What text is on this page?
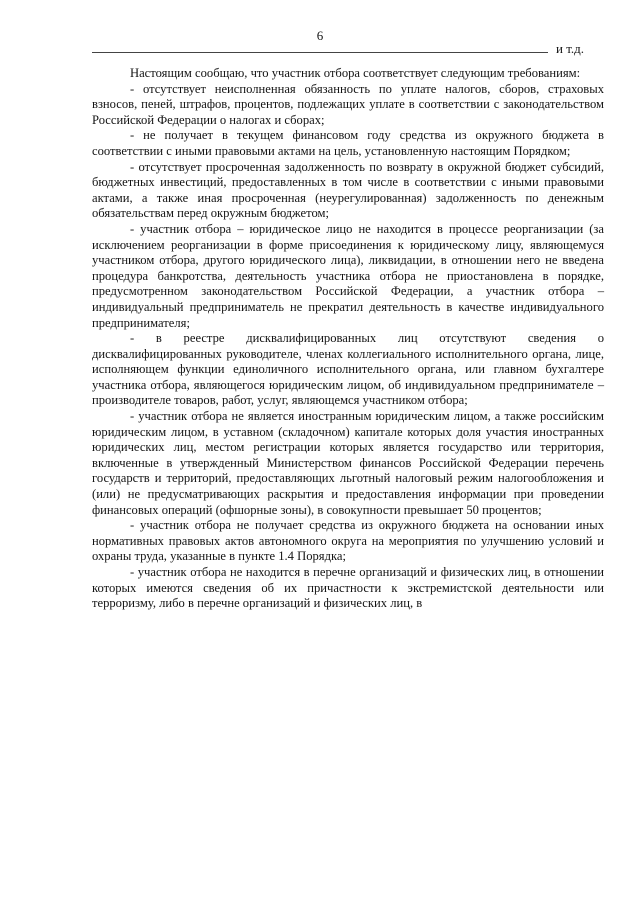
6
и т.д.

Настоящим сообщаю, что участник отбора соответствует следующим требованиям:

- отсутствует неисполненная обязанность по уплате налогов, сборов, страховых взносов, пеней, штрафов, процентов, подлежащих уплате в соответствии с законодательством Российской Федерации о налогах и сборах;

- не получает в текущем финансовом году средства из окружного бюджета в соответствии с иными правовыми актами на цель, установленную настоящим Порядком;

- отсутствует просроченная задолженность по возврату в окружной бюджет субсидий, бюджетных инвестиций, предоставленных в том числе в соответствии с иными правовыми актами, а также иная просроченная (неурегулированная) задолженность по денежным обязательствам перед окружным бюджетом;

- участник отбора – юридическое лицо не находится в процессе реорганизации (за исключением реорганизации в форме присоединения к юридическому лицу, являющемуся участником отбора, другого юридического лица), ликвидации, в отношении него не введена процедура банкротства, деятельность участника отбора не приостановлена в порядке, предусмотренном законодательством Российской Федерации, а участник отбора – индивидуальный предприниматель не прекратил деятельность в качестве индивидуального предпринимателя;

- в реестре дисквалифицированных лиц отсутствуют сведения о дисквалифицированных руководителе, членах коллегиального исполнительного органа, лице, исполняющем функции единоличного исполнительного органа, или главном бухгалтере участника отбора, являющегося юридическим лицом, об индивидуальном предпринимателе – производителе товаров, работ, услуг, являющемся участником отбора;

- участник отбора не является иностранным юридическим лицом, а также российским юридическим лицом, в уставном (складочном) капитале которых доля участия иностранных юридических лиц, местом регистрации которых является государство или территория, включенные в утвержденный Министерством финансов Российской Федерации перечень государств и территорий, предоставляющих льготный налоговый режим налогообложения и (или) не предусматривающих раскрытия и предоставления информации при проведении финансовых операций (офшорные зоны), в совокупности превышает 50 процентов;

- участник отбора не получает средства из окружного бюджета на основании иных нормативных правовых актов автономного округа на мероприятия по улучшению условий и охраны труда, указанные в пункте 1.4 Порядка;

- участник отбора не находится в перечне организаций и физических лиц, в отношении которых имеются сведения об их причастности к экстремистской деятельности или терроризму, либо в перечне организаций и физических лиц, в
